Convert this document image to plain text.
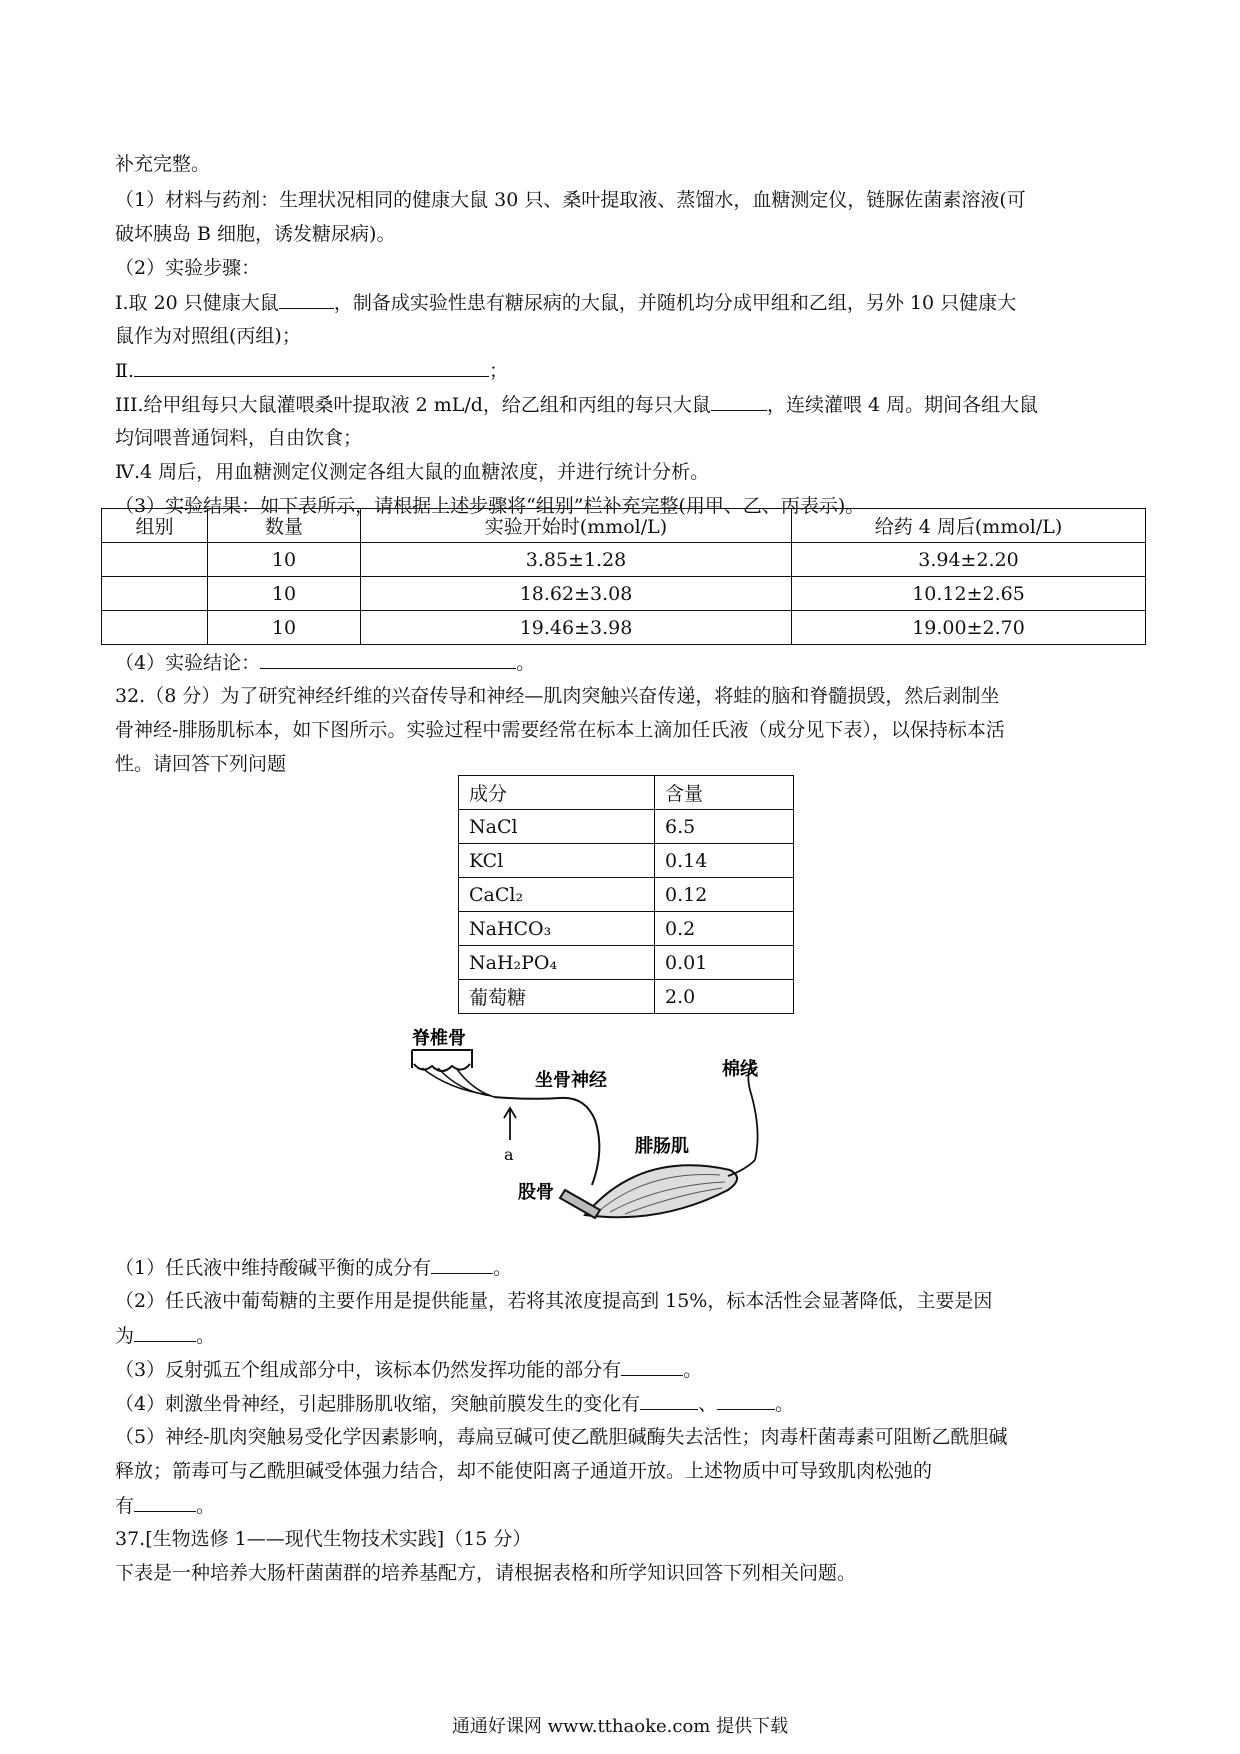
补充完整。
（1）材料与药剂：生理状况相同的健康大鼠 30 只、桑叶提取液、蒸馏水，血糖测定仪，链脲佐菌素溶液(可
破坏胰岛 B 细胞，诱发糖尿病)。
（2）实验步骤：
Ⅰ.取 20 只健康大鼠	，制备成实验性患有糖尿病的大鼠，并随机均分成甲组和乙组，另外 10 只健康大
鼠作为对照组(丙组)；
Ⅱ.	；
III.给甲组每只大鼠灌喂桑叶提取液 2 mL/d，给乙组和丙组的每只大鼠	，连续灌喂 4 周。期间各组大鼠
均饲喂普通饲料，自由饮食；
Ⅳ.4 周后，用血糖测定仪测定各组大鼠的血糖浓度，并进行统计分析。
（3）实验结果：如下表所示，请根据上述步骤将“组别”栏补充完整(用甲、乙、丙表示)。
组别	数量	实验开始时(mmol/L)	给药 4 周后(mmol/L)
	10	3.85±1.28	3.94±2.20
	10	18.62±3.08	10.12±2.65
	10	19.46±3.98	19.00±2.70
（4）实验结论：	。
32.（8 分）为了研究神经纤维的兴奋传导和神经—肌肉突触兴奋传递，将蛙的脑和脊髓损毁，然后剥制坐
骨神经-腓肠肌标本，如下图所示。实验过程中需要经常在标本上滴加任氏液（成分见下表），以保持标本活
性。请回答下列问题
成分	含量
NaCl	6.5
KCl	0.14
CaCl₂	0.12
NaHCO₃	0.2
NaH₂PO₄	0.01
葡萄糖	2.0
脊椎骨
坐骨神经
a	腓肠肌
股骨
棉线
（1）任氏液中维持酸碱平衡的成分有	。
（2）任氏液中葡萄糖的主要作用是提供能量，若将其浓度提高到 15%，标本活性会显著降低，主要是因
为	。
（3）反射弧五个组成部分中，该标本仍然发挥功能的部分有	。
（4）刺激坐骨神经，引起腓肠肌收缩，突触前膜发生的变化有	、	。
（5）神经-肌肉突触易受化学因素影响，毒扁豆碱可使乙酰胆碱酶失去活性；肉毒杆菌毒素可阻断乙酰胆碱
释放；箭毒可与乙酰胆碱受体强力结合，却不能使阳离子通道开放。上述物质中可导致肌肉松弛的
有	。
37.[生物选修 1——现代生物技术实践]（15 分）
下表是一种培养大肠杆菌菌群的培养基配方，请根据表格和所学知识回答下列相关问题。
通通好课网 www.tthaoke.com 提供下载
